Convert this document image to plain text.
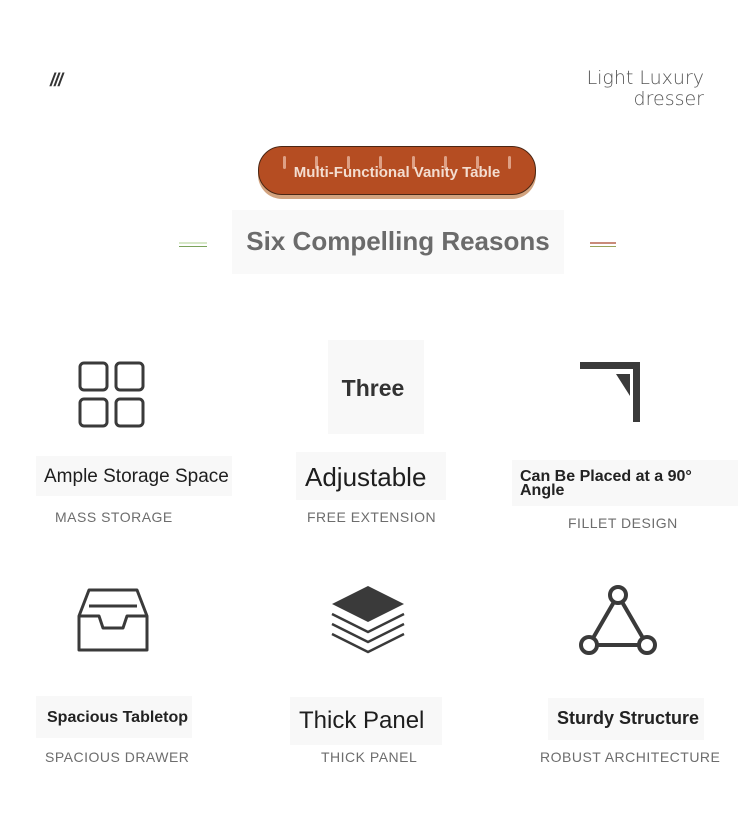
///	Light Luxury
dresser
Multi-Functional Vanity Table
Six Compelling Reasons
Ample Storage Space
MASS STORAGE
Three
Adjustable
FREE EXTENSION
Can Be Placed at a 90° Angle
FILLET DESIGN
Spacious Tabletop
SPACIOUS DRAWER
Thick Panel
THICK PANEL
Sturdy Structure
ROBUST ARCHITECTURE
